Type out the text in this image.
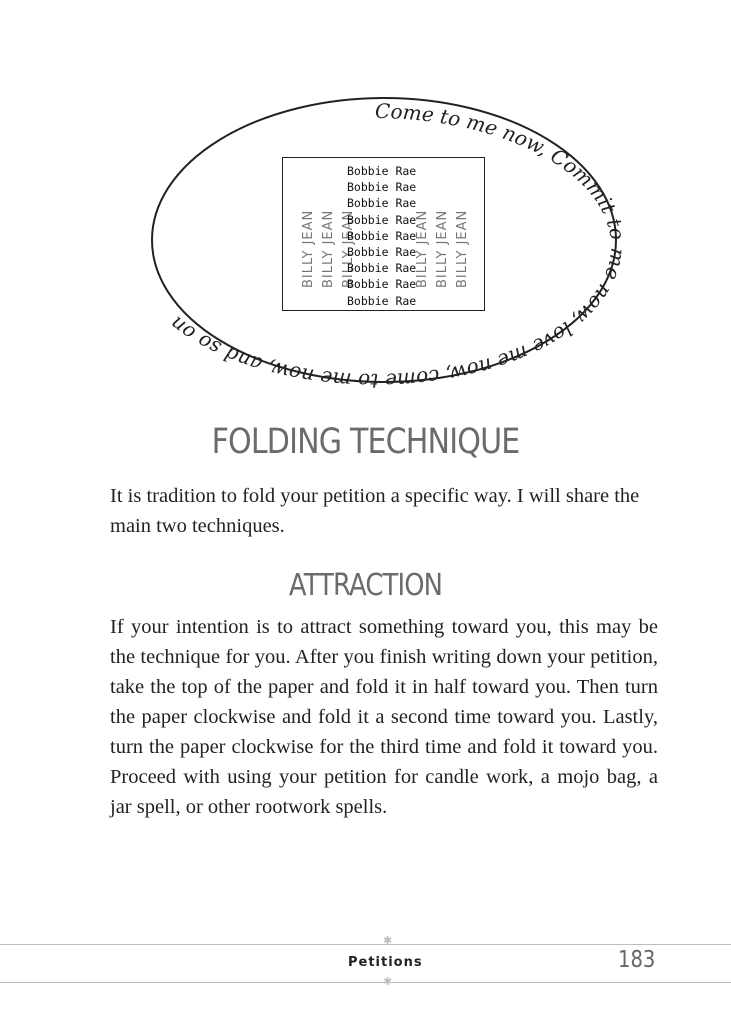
Come to me now, Commit to me now, love me now, come to me now, and so on
BILLY JEAN BILLY JEAN BILLY JEAN	BILLY JEAN BILLY JEAN BILLY JEAN
Bobbie Rae
Bobbie Rae
Bobbie Rae
Bobbie Rae
Bobbie Rae
Bobbie Rae
Bobbie Rae
Bobbie Rae
Bobbie Rae
FOLDING TECHNIQUE

It is tradition to fold your petition a specific way. I will share the main two techniques.

ATTRACTION

If your intention is to attract something toward you, this may be the technique for you. After you finish writing down your petition, take the top of the paper and fold it in half toward you. Then turn the paper clockwise and fold it a second time toward you. Lastly, turn the paper clockwise for the third time and fold it toward you. Proceed with using your petition for candle work, a mojo bag, a jar spell, or other rootwork spells.

✱
Petitions	183
✱
